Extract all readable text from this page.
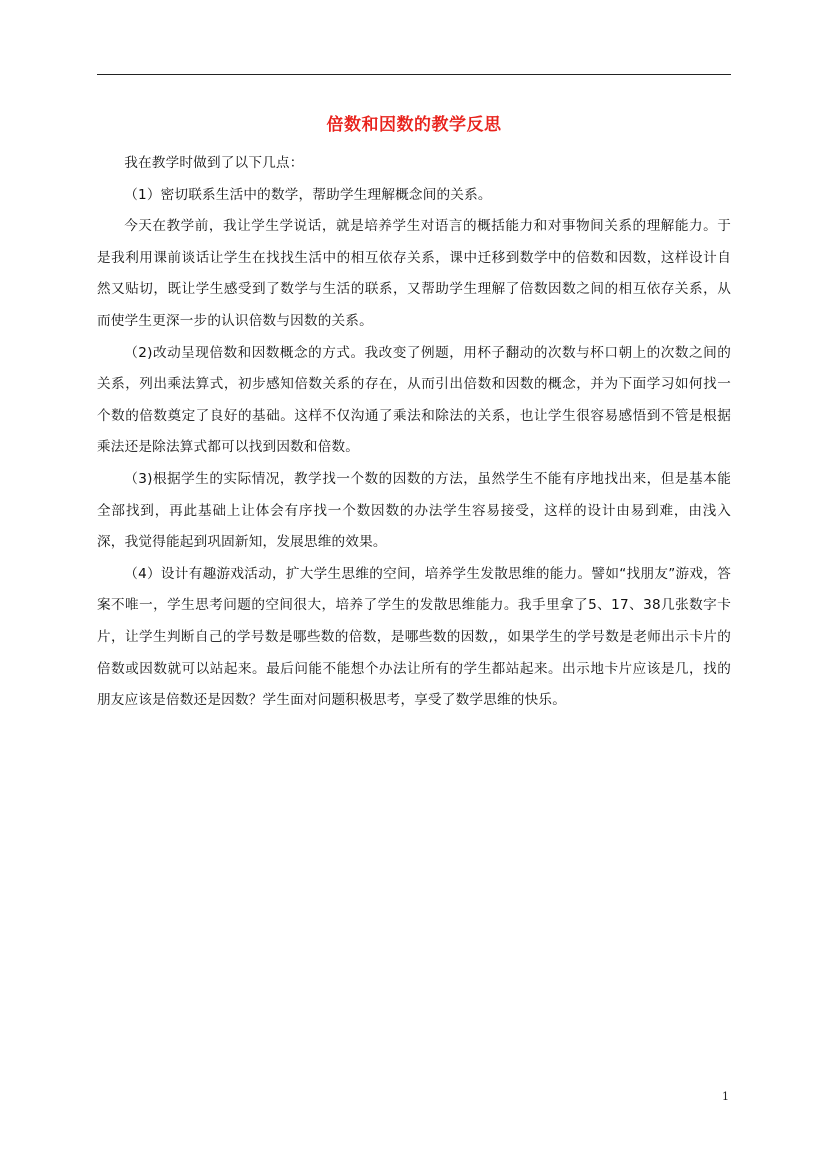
倍数和因数的教学反思

我在教学时做到了以下几点：

（1）密切联系生活中的数学，帮助学生理解概念间的关系。

今天在教学前，我让学生学说话，就是培养学生对语言的概括能力和对事物间关系的理解能力。于是我利用课前谈话让学生在找找生活中的相互依存关系，课中迁移到数学中的倍数和因数，这样设计自然又贴切，既让学生感受到了数学与生活的联系，又帮助学生理解了倍数因数之间的相互依存关系，从而使学生更深一步的认识倍数与因数的关系。

（2)改动呈现倍数和因数概念的方式。我改变了例题，用杯子翻动的次数与杯口朝上的次数之间的关系，列出乘法算式，初步感知倍数关系的存在，从而引出倍数和因数的概念，并为下面学习如何找一个数的倍数奠定了良好的基础。这样不仅沟通了乘法和除法的关系，也让学生很容易感悟到不管是根据乘法还是除法算式都可以找到因数和倍数。

（3)根据学生的实际情况，教学找一个数的因数的方法，虽然学生不能有序地找出来，但是基本能全部找到，再此基础上让体会有序找一个数因数的办法学生容易接受，这样的设计由易到难，由浅入深，我觉得能起到巩固新知，发展思维的效果。

（4）设计有趣游戏活动，扩大学生思维的空间，培养学生发散思维的能力。譬如“找朋友”游戏，答案不唯一，学生思考问题的空间很大，培养了学生的发散思维能力。我手里拿了5、17、38几张数字卡片，让学生判断自己的学号数是哪些数的倍数，是哪些数的因数,，如果学生的学号数是老师出示卡片的倍数或因数就可以站起来。最后问能不能想个办法让所有的学生都站起来。出示地卡片应该是几，找的朋友应该是倍数还是因数？学生面对问题积极思考，享受了数学思维的快乐。

1
